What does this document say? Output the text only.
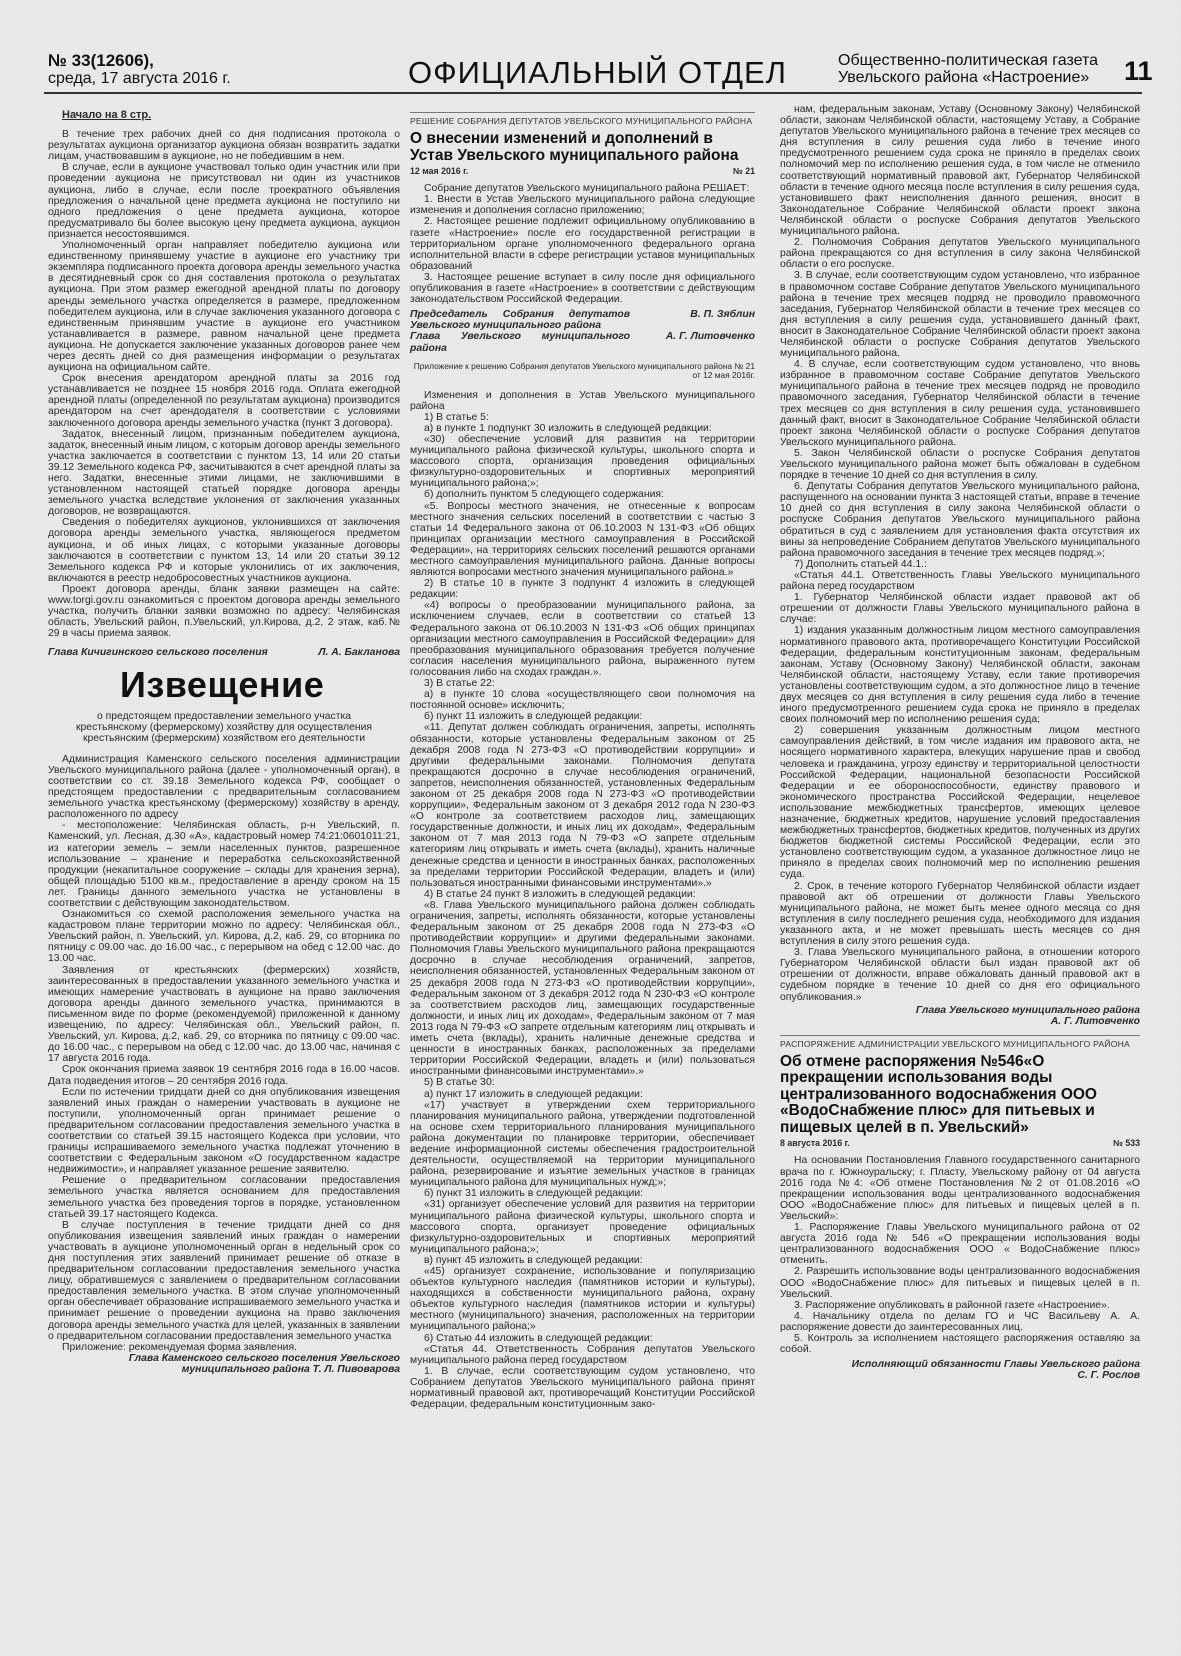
№ 33(12606),
среда, 17 августа 2016 г.	ОФИЦИАЛЬНЫЙ ОТДЕЛ	Общественно-политическая газета
Увельского района «Настроение»	11

Начало на 8 стр.

В течение трех рабочих дней со дня подписания протокола о результатах аукциона организатор аукциона обязан возвратить задатки лицам, участвовавшим в аукционе, но не победившим в нем.

В случае, если в аукционе участвовал только один участник или при проведении аукциона не присутствовал ни один из участников аукциона, либо в случае, если после троекратного объявления предложения о начальной цене предмета аукциона не поступило ни одного предложения о цене предмета аукциона, которое предусматривало бы более высокую цену предмета аукциона, аукцион признается несостоявшимся.

Уполномоченный орган направляет победителю аукциона или единственному принявшему участие в аукционе его участнику три экземпляра подписанного проекта договора аренды земельного участка в десятидневный срок со дня составления протокола о результатах аукциона. При этом размер ежегодной арендной платы по договору аренды земельного участка определяется в размере, предложенном победителем аукциона, или в случае заключения указанного договора с единственным принявшим участие в аукционе его участником устанавливается в размере, равном начальной цене предмета аукциона. Не допускается заключение указанных договоров ранее чем через десять дней со дня размещения информации о результатах аукциона на официальном сайте.

Срок внесения арендатором арендной платы за 2016 год устанавливается не позднее 15 ноября 2016 года. Оплата ежегодной арендной платы (определенной по результатам аукциона) производится арендатором на счет арендодателя в соответствии с условиями заключенного договора аренды земельного участка (пункт 3 договора).

Задаток, внесенный лицом, признанным победителем аукциона, задаток, внесенный иным лицом, с которым договор аренды земельного участка заключается в соответствии с пунктом 13, 14 или 20 статьи 39.12 Земельного кодекса РФ, засчитываются в счет арендной платы за него. Задатки, внесенные этими лицами, не заключившими в установленном настоящей статьей порядке договора аренды земельного участка вследствие уклонения от заключения указанных договоров, не возвращаются.

Сведения о победителях аукционов, уклонившихся от заключения договора аренды земельного участка, являющегося предметом аукциона, и об иных лицах, с которыми указанные договоры заключаются в соответствии с пунктом 13, 14 или 20 статьи 39.12 Земельного кодекса РФ и которые уклонились от их заключения, включаются в реестр недобросовестных участников аукциона.

Проект договора аренды, бланк заявки размещен на сайте: www.torgi.gov.ru ознакомиться с проектом договора аренды земельного участка, получить бланки заявки возможно по адресу: Челябинская область, Увельский район, п.Увельский, ул.Кирова, д.2, 2 этаж, каб.№ 29 в часы приема заявок.

Глава Кичигинского сельского поселения	Л. А. Бакланова
Извещение

о предстоящем предоставлении земельного участка крестьянскому (фермерскому) хозяйству для осуществления крестьянским (фермерским) хозяйством его деятельности

Администрация Каменского сельского поселения администрации Увельского муниципального района (далее - уполномоченный орган), в соответствии со ст. 39.18 Земельного кодекса РФ, сообщает о предстоящем предоставлении с предварительным согласованием земельного участка крестьянскому (фермерскому) хозяйству в аренду, расположенного по адресу

- местоположение: Челябинская область, р-н Увельский, п. Каменский, ул. Лесная, д.30 «А», кадастровый номер 74:21:0601011:21, из категории земель – земли населенных пунктов, разрешенное использование – хранение и переработка сельскохозяйственной продукции (некапитальное сооружение – склады для хранения зерна), общей площадью 5100 кв.м., предоставление в аренду сроком на 15 лет. Границы данного земельного участка не установлены в соответствии с действующим законодательством.

Ознакомиться со схемой расположения земельного участка на кадастровом плане территории можно по адресу: Челябинская обл., Увельский район, п. Увельский, ул. Кирова, д.2, каб. 29, со вторника по пятницу с 09.00 час. до 16.00 час., с перерывом на обед с 12.00 час. до 13.00 час.

Заявления от крестьянских (фермерских) хозяйств, заинтересованных в предоставлении указанного земельного участка и имеющих намерение участвовать в аукционе на право заключения договора аренды данного земельного участка, принимаются в письменном виде по форме (рекомендуемой) приложенной к данному извещению, по адресу: Челябинская обл., Увельский район, п. Увельский, ул. Кирова, д.2, каб. 29, со вторника по пятницу с 09.00 час. до 16.00 час., с перерывом на обед с 12.00 час. до 13.00 час, начиная с 17 августа 2016 года.

Срок окончания приема заявок 19 сентября 2016 года в 16.00 часов. Дата подведения итогов – 20 сентября 2016 года.

Если по истечении тридцати дней со дня опубликования извещения заявлений иных граждан о намерении участвовать в аукционе не поступили, уполномоченный орган принимает решение о предварительном согласовании предоставления земельного участка в соответствии со статьей 39.15 настоящего Кодекса при условии, что границы испрашиваемого земельного участка подлежат уточнению в соответствии с Федеральным законом «О государственном кадастре недвижимости», и направляет указанное решение заявителю.

Решение о предварительном согласовании предоставления земельного участка является основанием для предоставления земельного участка без проведения торгов в порядке, установленном статьей 39.17 настоящего Кодекса.

В случае поступления в течение тридцати дней со дня опубликования извещения заявлений иных граждан о намерении участвовать в аукционе уполномоченный орган в недельный срок со дня поступления этих заявлений принимает решение об отказе в предварительном согласовании предоставления земельного участка лицу, обратившемуся с заявлением о предварительном согласовании предоставления земельного участка. В этом случае уполномоченный орган обеспечивает образование испрашиваемого земельного участка и принимает решение о проведении аукциона на право заключения договора аренды земельного участка для целей, указанных в заявлении о предварительном согласовании предоставления земельного участка

Приложение: рекомендуемая форма заявления.

Глава Каменского сельского поселения Увельского

муниципального района Т. Л. Пивоварова

РЕШЕНИЕ СОБРАНИЯ ДЕПУТАТОВ УВЕЛЬСКОГО МУНИЦИПАЛЬНОГО РАЙОНА

О внесении изменений и дополнений в Устав Увельского муниципального района

12 мая 2016 г.	№ 21

Собрание депутатов Увельского муниципального района РЕШАЕТ:

1. Внести в Устав Увельского муниципального района следующие изменения и дополнения согласно приложению;

2. Настоящее решение подлежит официальному опубликованию в газете «Настроение» после его государственной регистрации в территориальном органе уполномоченного федерального органа исполнительной власти в сфере регистрации уставов муниципальных образований

3. Настоящее решение вступает в силу после дня официального опубликования в газете «Настроение» в соответствии с действующим законодательством Российской Федерации.

Председатель Собрания депутатов Увельского муниципального района
В. П. Зяблин
Глава Увельского муниципального района
А. Г. Литовченко

Приложение к решению Собрания депутатов Увельского муниципального района № 21 от 12 мая 2016г.

Изменения и дополнения в Устав Увельского муниципального района

1) В статье 5:

а) в пункте 1 подпункт 30 изложить в следующей редакции:

«30) обеспечение условий для развития на территории муниципального района физической культуры, школьного спорта и массового спорта, организация проведения официальных физкультурно-оздоровительных и спортивных мероприятий муниципального района;»;

б) дополнить пунктом 5 следующего содержания:

«5. Вопросы местного значения, не отнесенные к вопросам местного значения сельских поселений в соответствии с частью 3 статьи 14 Федерального закона от 06.10.2003 N 131-ФЗ «Об общих принципах организации местного самоуправления в Российской Федерации», на территориях сельских поселений решаются органами местного самоуправления муниципального района. Данные вопросы являются вопросами местного значения муниципального района.»

2) В статье 10 в пункте 3 подпункт 4 изложить в следующей редакции:

«4) вопросы о преобразовании муниципального района, за исключением случаев, если в соответствии со статьей 13 Федерального закона от 06.10.2003 N 131-ФЗ «Об общих принципах организации местного самоуправления в Российской Федерации» для преобразования муниципального образования требуется получение согласия населения муниципального района, выраженного путем голосования либо на сходах граждан.».

3) В статье 22:

а) в пункте 10 слова «осуществляющего свои полномочия на постоянной основе» исключить;

б) пункт 11 изложить в следующей редакции:

«11. Депутат должен соблюдать ограничения, запреты, исполнять обязанности, которые установлены Федеральным законом от 25 декабря 2008 года N 273-ФЗ «О противодействии коррупции» и другими федеральными законами. Полномочия депутата прекращаются досрочно в случае несоблюдения ограничений, запретов, неисполнения обязанностей, установленных Федеральным законом от 25 декабря 2008 года N 273-ФЗ «О противодействии коррупции», Федеральным законом от 3 декабря 2012 года N 230-ФЗ «О контроле за соответствием расходов лиц, замещающих государственные должности, и иных лиц их доходам», Федеральным законом от 7 мая 2013 года N 79-ФЗ «О запрете отдельным категориям лиц открывать и иметь счета (вклады), хранить наличные денежные средства и ценности в иностранных банках, расположенных за пределами территории Российской Федерации, владеть и (или) пользоваться иностранными финансовыми инструментами».»

4) В статье 24 пункт 8 изложить в следующей редакции:

«8. Глава Увельского муниципального района должен соблюдать ограничения, запреты, исполнять обязанности, которые установлены Федеральным законом от 25 декабря 2008 года N 273-ФЗ «О противодействии коррупции» и другими федеральными законами. Полномочия Главы Увельского муниципального района прекращаются досрочно в случае несоблюдения ограничений, запретов, неисполнения обязанностей, установленных Федеральным законом от 25 декабря 2008 года N 273-ФЗ «О противодействии коррупции», Федеральным законом от 3 декабря 2012 года N 230-ФЗ «О контроле за соответствием расходов лиц, замещающих государственные должности, и иных лиц их доходам», Федеральным законом от 7 мая 2013 года N 79-ФЗ «О запрете отдельным категориям лиц открывать и иметь счета (вклады), хранить наличные денежные средства и ценности в иностранных банках, расположенных за пределами территории Российской Федерации, владеть и (или) пользоваться иностранными финансовыми инструментами».»

5) В статье 30:

а) пункт 17 изложить в следующей редакции:

«17) участвует в утверждении схем территориального планирования муниципального района, утверждении подготовленной на основе схем территориального планирования муниципального района документации по планировке территории, обеспечивает ведение информационной системы обеспечения градостроительной деятельности, осуществляемой на территории муниципального района, резервирование и изъятие земельных участков в границах муниципального района для муниципальных нужд;»;

б) пункт 31 изложить в следующей редакции:

«31) организует обеспечение условий для развития на территории муниципального района физической культуры, школьного спорта и массового спорта, организует проведение официальных физкультурно-оздоровительных и спортивных мероприятий муниципального района;»;

в) пункт 45 изложить в следующей редакции:

«45) организует сохранение, использование и популяризацию объектов культурного наследия (памятников истории и культуры), находящихся в собственности муниципального района, охрану объектов культурного наследия (памятников истории и культуры) местного (муниципального) значения, расположенных на территории муниципального района;»

6) Статью 44 изложить в следующей редакции:

«Статья 44. Ответственность Собрания депутатов Увельского муниципального района перед государством

1. В случае, если соответствующим судом установлено, что Собранием депутатов Увельского муниципального района принят нормативный правовой акт, противоречащий Конституции Российской Федерации, федеральным конституционным зако-

нам, федеральным законам, Уставу (Основному Закону) Челябинской области, законам Челябинской области, настоящему Уставу, а Собрание депутатов Увельского муниципального района в течение трех месяцев со дня вступления в силу решения суда либо в течение иного предусмотренного решением суда срока не приняло в пределах своих полномочий мер по исполнению решения суда, в том числе не отменило соответствующий нормативный правовой акт, Губернатор Челябинской области в течение одного месяца после вступления в силу решения суда, установившего факт неисполнения данного решения, вносит в Законодательное Собрание Челябинской области проект закона Челябинской области о роспуске Собрания депутатов Увельского муниципального района.

2. Полномочия Собрания депутатов Увельского муниципального района прекращаются со дня вступления в силу закона Челябинской области о его роспуске.

3. В случае, если соответствующим судом установлено, что избранное в правомочном составе Собрание депутатов Увельского муниципального района в течение трех месяцев подряд не проводило правомочного заседания, Губернатор Челябинской области в течение трех месяцев со дня вступления в силу решения суда, установившего данный факт, вносит в Законодательное Собрание Челябинской области проект закона Челябинской области о роспуске Собрания депутатов Увельского муниципального района.

4. В случае, если соответствующим судом установлено, что вновь избранное в правомочном составе Собрание депутатов Увельского муниципального района в течение трех месяцев подряд не проводило правомочного заседания, Губернатор Челябинской области в течение трех месяцев со дня вступления в силу решения суда, установившего данный факт, вносит в Законодательное Собрание Челябинской области проект закона Челябинской области о роспуске Собрания депутатов Увельского муниципального района.

5. Закон Челябинской области о роспуске Собрания депутатов Увельского муниципального района может быть обжалован в судебном порядке в течение 10 дней со дня вступления в силу.

6. Депутаты Собрания депутатов Увельского муниципального района, распущенного на основании пункта 3 настоящей статьи, вправе в течение 10 дней со дня вступления в силу закона Челябинской области о роспуске Собрания депутатов Увельского муниципального района обратиться в суд с заявлением для установления факта отсутствия их вины за непроведение Собранием депутатов Увельского муниципального района правомочного заседания в течение трех месяцев подряд.»;

7) Дополнить статьей 44.1.:

«Статья 44.1. Ответственность Главы Увельского муниципального района перед государством

1. Губернатор Челябинской области издает правовой акт об отрешении от должности Главы Увельского муниципального района в случае:

1) издания указанным должностным лицом местного самоуправления нормативного правового акта, противоречащего Конституции Российской Федерации, федеральным конституционным законам, федеральным законам, Уставу (Основному Закону) Челябинской области, законам Челябинской области, настоящему Уставу, если такие противоречия установлены соответствующим судом, а это должностное лицо в течение двух месяцев со дня вступления в силу решения суда либо в течение иного предусмотренного решением суда срока не приняло в пределах своих полномочий мер по исполнению решения суда;

2) совершения указанным должностным лицом местного самоуправления действий, в том числе издания им правового акта, не носящего нормативного характера, влекущих нарушение прав и свобод человека и гражданина, угрозу единству и территориальной целостности Российской Федерации, национальной безопасности Российской Федерации и ее обороноспособности, единству правового и экономического пространства Российской Федерации, нецелевое использование межбюджетных трансфертов, имеющих целевое назначение, бюджетных кредитов, нарушение условий предоставления межбюджетных трансфертов, бюджетных кредитов, полученных из других бюджетов бюджетной системы Российской Федерации, если это установлено соответствующим судом, а указанное должностное лицо не приняло в пределах своих полномочий мер по исполнению решения суда.

2. Срок, в течение которого Губернатор Челябинской области издает правовой акт об отрешении от должности Главы Увельского муниципального района, не может быть менее одного месяца со дня вступления в силу последнего решения суда, необходимого для издания указанного акта, и не может превышать шесть месяцев со дня вступления в силу этого решения суда.

3. Глава Увельского муниципального района, в отношении которого Губернатором Челябинской области был издан правовой акт об отрешении от должности, вправе обжаловать данный правовой акт в судебном порядке в течение 10 дней со дня его официального опубликования.»

Глава Увельского муниципального района
А. Г. Литовченко

РАСПОРЯЖЕНИЕ АДМИНИСТРАЦИИ УВЕЛЬСКОГО МУНИЦИПАЛЬНОГО РАЙОНА

Об отмене распоряжения №546«О прекращении использования воды централизованного водоснабжения ООО «ВодоСнабжение плюс» для питьевых и пищевых целей в п. Увельский»

8 августа 2016 г.	№ 533

На основании Постановления Главного государственного санитарного врача по г. Южноуральску; г. Пласту, Увельскому району от 04 августа 2016 года №4: «Об отмене Постановления №2 от 01.08.2016 «О прекращении использования воды централизованного водоснабжения ООО «ВодоСнабжение плюс» для питьевых и пищевых целей в п. Увельский»:

1. Распоряжение Главы Увельского муниципального района от 02 августа 2016 года № 546 «О прекращении использования воды централизованного водоснабжения ООО « ВодоСнабжение плюс» отменить.

2. Разрешить использование воды централизованного водоснабжения ООО «ВодоСнабжение плюс» для питьевых и пищевых целей в п. Увельский.

3. Распоряжение опубликовать в районной газете «Настроение».

4. Начальнику отдела по делам ГО и ЧС Васильеву А. А. распоряжение довести до заинтересованных лиц.

5. Контроль за исполнением настоящего распоряжения оставляю за собой.

Исполняющий обязанности Главы Увельского района
С. Г. Рослов
